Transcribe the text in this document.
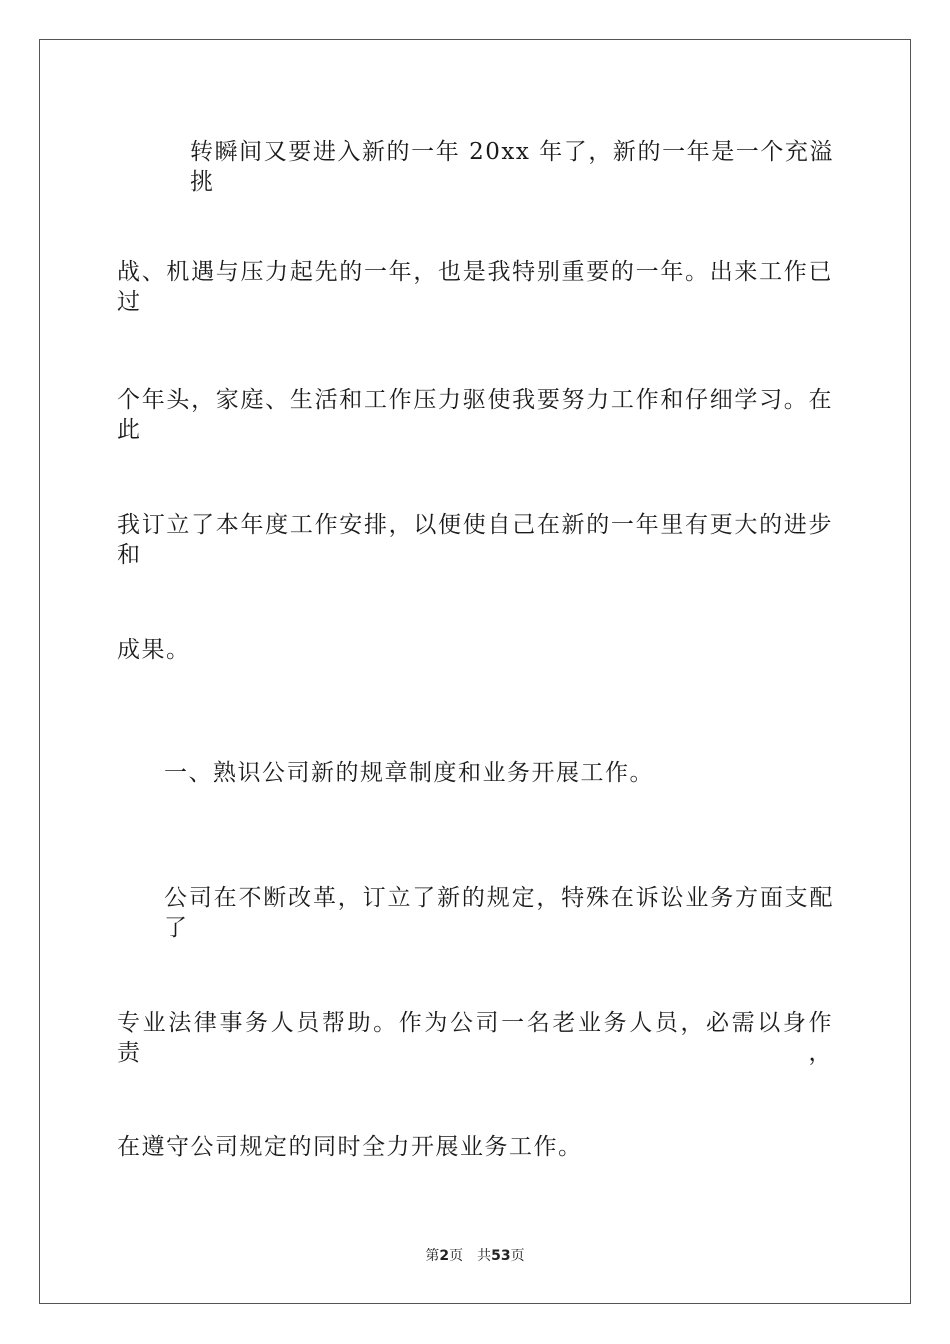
转瞬间又要进入新的一年 20xx 年了，新的一年是一个充溢挑
战、机遇与压力起先的一年，也是我特别重要的一年。出来工作已过
个年头，家庭、生活和工作压力驱使我要努力工作和仔细学习。在此
我订立了本年度工作安排，以便使自己在新的一年里有更大的进步和
成果。
一、熟识公司新的规章制度和业务开展工作。
公司在不断改革，订立了新的规定，特殊在诉讼业务方面支配了
专业法律事务人员帮助。作为公司一名老业务人员，必需以身作责，
在遵守公司规定的同时全力开展业务工作。
第2页 共53页
